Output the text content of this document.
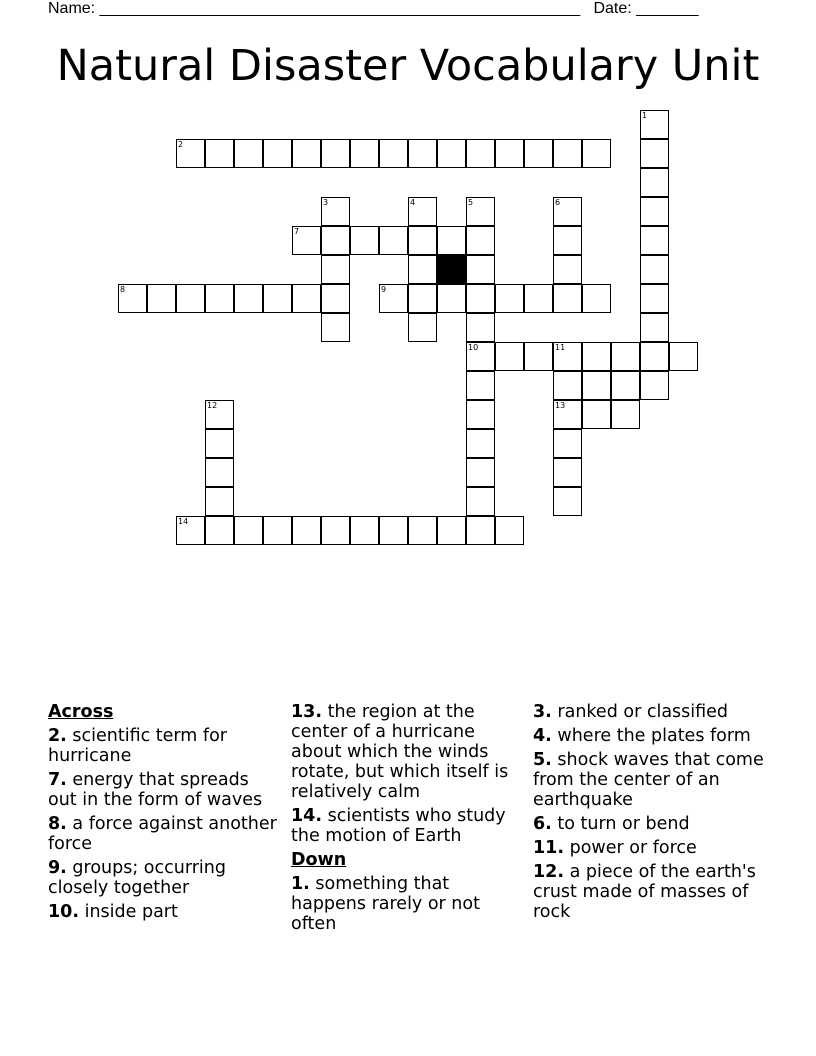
Name: ______________________________________________________ Date: _______
Natural Disaster Vocabulary Unit
1
2
3	4	5	6
7
8	9
10	11
12	13
14
Across
2. scientific term for hurricane
7. energy that spreads out in the form of waves
8. a force against another force
9. groups; occurring closely together
10. inside part
13. the region at the center of a hurricane about which the winds rotate, but which itself is relatively calm
14. scientists who study the motion of Earth
Down
1. something that happens rarely or not often
3. ranked or classified
4. where the plates form
5. shock waves that come from the center of an earthquake
6. to turn or bend
11. power or force
12. a piece of the earth's crust made of masses of rock
